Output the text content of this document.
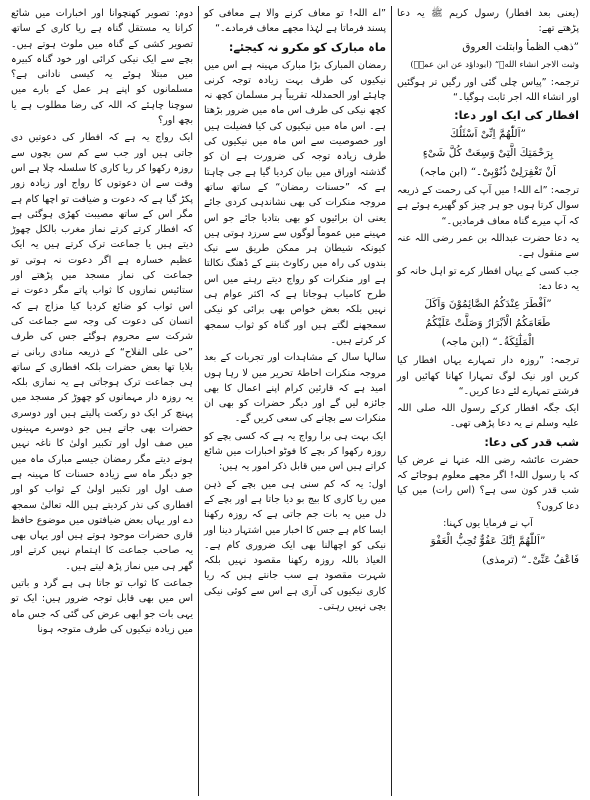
(یعنی بعد افطار) رسول کریم ﷺ یہ دعا پڑھتے تھے:

”ذهب الظمأ وابتلت العروق

وثبت الاجر انشاء الله۔“ (ابوداؤد عن ابن عمرؓ)

ترجمہ: ”پیاس چلی گئی اور رگیں تر ہوگئیں اور انشاء اللہ اجر ثابت ہوگیا۔“

افطار کی ایک اور دعا:

”اَللّٰهُمَّ اِنِّیْ اَسْئَلُكَ

بِرَحْمَتِكَ الَّتِیْ وَسِعَتْ كُلَّ شَیْءٍ

اَنْ تَغْفِرَلِیْ ذُنُوْبِیْ۔“ (ابن ماجہ)

ترجمہ: ”اے اللہ! میں آپ کی رحمت کے ذریعہ سوال کرتا ہوں جو ہر چیز کو گھیرے ہوئے ہے کہ آپ میرے گناہ معاف فرمادیں۔“

یہ دعا حضرت عبداللہ بن عمر رضی اللہ عنہ سے منقول ہے۔

جب کسی کے یہاں افطار کرے تو اہل خانہ کو یہ دعا دے:

”اَفْطَرَ عِنْدَكُمُ الصَّائِمُوْنَ وَاَكَلَ

طَعَامَكُمُ الْاَبْرَارُ وَصَلَّتْ عَلَيْكُمُ

الْمَلٰٓئِكَةُ۔“ (ابن ماجہ)

ترجمہ: ”روزہ دار تمہارے یہاں افطار کیا کریں اور نیک لوگ تمہارا کھانا کھائیں اور فرشتے تمہارے لئے دعا کریں۔“

ایک جگہ افطار کرکے رسول اللہ صلی اللہ علیہ وسلم نے یہ دعا پڑھی تھی۔

شب قدر کی دعا:

حضرت عائشہ رضی اللہ عنہا نے عرض کیا کہ یا رسول اللہ! اگر مجھے معلوم ہوجائے کہ شب قدر کون سی ہے؟ (اس رات) میں کیا دعا کروں؟

آپ نے فرمایا یوں کہنا:

”اَللّٰهُمَّ اِنَّكَ عَفُوٌّ تُحِبُّ الْعَفْوَ

فَاعْفُ عَنِّیْ۔“ (ترمذی)

”اے اللہ! تو معاف کرنے والا ہے معافی کو پسند فرماتا ہے لہٰذا مجھے معاف فرمادے۔“

ماہ مبارک کو مکرو نہ کیجئے:

رمضان المبارک بڑا مبارک مہینہ ہے اس میں نیکیوں کی طرف بہت زیادہ توجہ کرنی چاہئے اور الحمدللہ تقریباً ہر مسلمان کچھ نہ کچھ نیکی کی طرف اس ماہ میں ضرور بڑھتا ہے۔ اس ماہ میں نیکیوں کی کیا فضیلت ہیں اور خصوصیت سے اس ماہ میں نیکیوں کی طرف زیادہ توجہ کی ضرورت ہے ان کو گذشتہ اوراق میں بیان کردیا گیا ہے جی چاہتا ہے کہ ”حسنات رمضان“ کے ساتھ ساتھ مروجہ منکرات کی بھی نشاندہی کردی جائے یعنی ان برائیوں کو بھی بتادیا جائے جو اس مہینے میں عموماً لوگوں سے سرزد ہوتی ہیں کیونکہ شیطان ہر ممکن طریق سے نیک بندوں کی راہ میں رکاوٹ بننے کے ڈھنگ نکالتا ہے اور منکرات کو رواج دیتے رہنے میں اس طرح کامیاب ہوجاتا ہے کہ اکثر عوام ہی نہیں بلکہ بعض خواص بھی برائی کو نیکی سمجھنے لگتے ہیں اور گناہ کو ثواب سمجھ کر کرتے ہیں۔

سالہا سال کے مشاہدات اور تجربات کے بعد مروجہ منکرات احاطۂ تحریر میں لا رہا ہوں امید ہے کہ قارئین کرام اپنے اعمال کا بھی جائزہ لیں گے اور دیگر حضرات کو بھی ان منکرات سے بچانے کی سعی کریں گے۔

ایک بہت ہی برا رواج یہ ہے کہ کسی بچے کو روزہ رکھوا کر بچے کا فوٹو اخبارات میں شائع کراتے ہیں اس میں قابل ذکر امور یہ ہیں:

اول: یہ کہ کم سنی ہی میں بچے کے ذہن میں ریا کاری کا بیج بو دیا جاتا ہے اور بچے کے دل میں یہ بات جم جاتی ہے کہ روزہ رکھنا ایسا کام ہے جس کا اخبار میں اشتہار دینا اور نیکی کو اچھالنا بھی ایک ضروری کام ہے۔ العیاذ باللہ روزہ رکھنا مقصود نہیں بلکہ شہرت مقصود ہے سب جانتے ہیں کہ ریا کاری نیکیوں کی آری ہے اس سے کوئی نیکی بچی نہیں رہتی۔

دوم: تصویر کھنچوانا اور اخبارات میں شائع کرانا یہ مستقل گناہ ہے ریا کاری کے ساتھ تصویر کشی کے گناہ میں ملوث ہوتے ہیں۔ بچے سے ایک نیکی کرائی اور خود گناہ کبیرہ میں مبتلا ہوئے یہ کیسی نادانی ہے؟ مسلمانوں کو اپنے ہر عمل کے بارے میں سوچنا چاہئے کہ اللہ کی رضا مطلوب ہے یا بچھ اور؟

ایک رواج یہ ہے کہ افطار کی دعوتیں دی جاتی ہیں اور جب سے کم سن بچوں سے روزہ رکھوا کر ریا کاری کا سلسلہ چلا ہے اس وقت سے ان دعوتوں کا رواج اور زیادہ زور پکڑ گیا ہے کہ دعوت و ضیافت تو اچھا کام ہے مگر اس کے ساتھ مصیبت کھڑی ہوگئی ہے کہ افطار کرتے کرتے نماز مغرب بالکل چھوڑ دیتے ہیں یا جماعت ترک کرتے ہیں یہ ایک عظیم خسارہ ہے اگر دعوت نہ ہوتی تو جماعت کی نماز مسجد میں پڑھتے اور ستائیس نمازوں کا ثواب پاتے مگر دعوت نے اس ثواب کو ضائع کردیا کیا مزاج ہے کہ انسان کی دعوت کی وجہ سے جماعت کی شرکت سے محروم ہوگئے جس کی طرف ”حی علی الفلاح“ کے ذریعہ منادی ربانی نے بلایا تھا بعض حضرات بلکہ افطاری کے ساتھ ہی جماعت ترک ہوجاتی ہے یہ نمازی بلکہ یہ روزہ دار مہمانوں کو چھوڑ کر مسجد میں پہنچ کر ایک دو رکعت پالیتے ہیں اور دوسری حضرات بھی جاتے ہیں جو دوسرے مہینوں میں صف اول اور تکبیر اولیٰ کا ناغہ نہیں ہونے دیتے مگر رمضان جیسے مبارک ماہ میں جو دیگر ماہ سے زیادہ حسنات کا مہینہ ہے صف اول اور تکبیر اولیٰ کے ثواب کو اور افطاری کی نذر کردیتے ہیں اللہ تعالیٰ سمجھ دے اور یہاں بعض ضیافتوں میں موضوع حافظ قاری حضرات موجود ہوتے ہیں اور یہاں بھی یہ صاحب جماعت کا اہتمام نہیں کرتے اور گھر ہی میں نماز پڑھ لیتے ہیں۔

جماعت کا ثواب تو جاتا ہی ہے گرد و باتیں اس میں بھی قابل توجہ ضرور ہیں: ایک تو یہی بات جو ابھی عرض کی گئی کہ جس ماہ میں زیادہ نیکیوں کی طرف متوجہ ہونا
